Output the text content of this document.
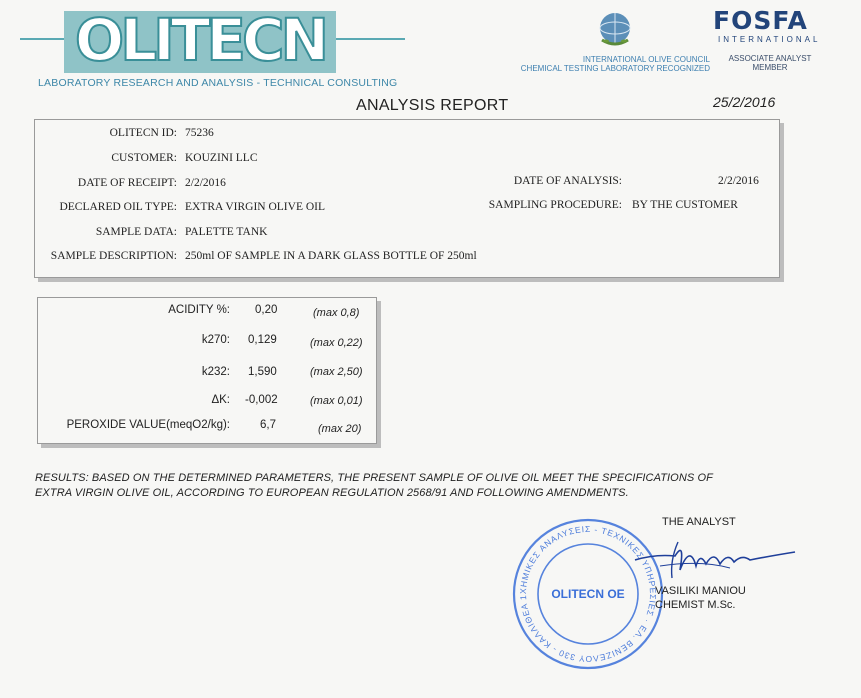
OLITECN
LABORATORY RESEARCH AND ANALYSIS - TECHNICAL CONSULTING
INTERNATIONAL OLIVE COUNCIL
CHEMICAL TESTING LABORATORY RECOGNIZED
FOSFA
INTERNATIONAL
ASSOCIATE ANALYST
MEMBER
ANALYSIS REPORT	25/2/2016
OLITECN ID: 75236
CUSTOMER: KOUZINI LLC
DATE OF RECEIPT: 2/2/2016	DATE OF ANALYSIS:	2/2/2016
DECLARED OIL TYPE: EXTRA VIRGIN OLIVE OIL	SAMPLING PROCEDURE: BY THE CUSTOMER
SAMPLE DATA: PALETTE TANK
SAMPLE DESCRIPTION: 250ml OF SAMPLE IN A DARK GLASS BOTTLE OF 250ml
ACIDITY %: 0,20	(max 0,8)
k270: 0,129	(max 0,22)
k232: 1,590	(max 2,50)
ΔK: -0,002	(max 0,01)
PEROXIDE VALUE(meqO2/kg):	6,7	(max 20)
RESULTS: BASED ON THE DETERMINED PARAMETERS, THE PRESENT SAMPLE OF OLIVE OIL MEET THE SPECIFICATIONS OF
EXTRA VIRGIN OLIVE OIL, ACCORDING TO EUROPEAN REGULATION 2568/91 AND FOLLOWING AMENDMENTS.
THE ANALYST
ΧΗΜΙΚΕΣ ΑΝΑΛΥΣΕΙΣ - ΤΕΧΝΙΚΕΣ ΥΠΗΡΕΣΙΕΣ · ΕΛ. ΒΕΝΙΖΕΛΟΥ 330 - ΚΑΛΛΙΘΕΑ 1	OLITECN OE	VASILIKI MANIOU
CHEMIST M.Sc.
